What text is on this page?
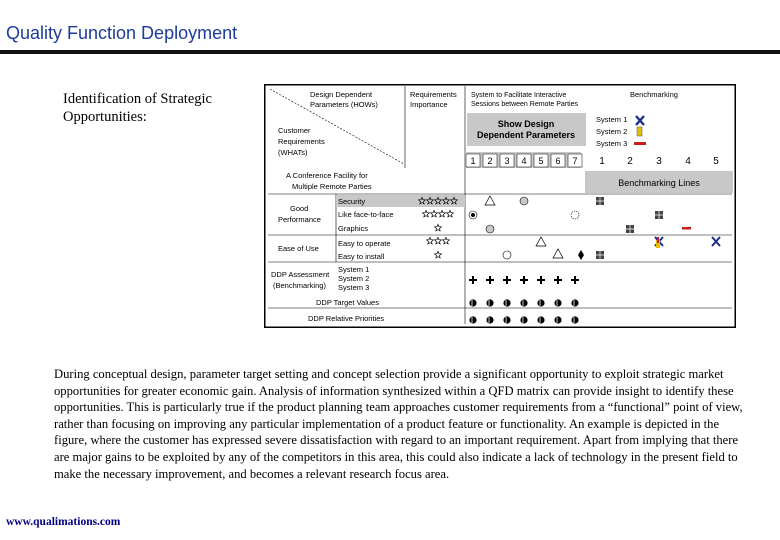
Quality Function Deployment
Identification of Strategic
Opportunities:
Design Dependent
Parameters (HOWs)
Requirements
Importance
System to Facilitate Interactive
Sessions between Remote Parties
Benchmarking
System 1
System 2
System 3
Show Design
Dependent Parameters
Customer
Requirements
(WHATs)
1 2 3 4 5 6 7 1 2 3 4 5
A Conference Facility for
Multiple Remote Parties	Benchmarking Lines
Good
Performance
Ease of Use
Security
Like face-to-face
Graphics
Easy to operate
Easy to install
DDP Assessment
(Benchmarking)
System 1
System 2
System 3
DDP Target Values
DDP Relative Priorities
During conceptual design, parameter target setting and concept selection provide a significant opportunity to exploit strategic market opportunities for greater economic gain. Analysis of information synthesized within a QFD matrix can provide insight to identify these opportunities. This is particularly true if the product planning team approaches customer requirements from a “functional” point of view, rather than focusing on improving any particular implementation of a product feature or functionality. An example is depicted in the figure, where the customer has expressed severe dissatisfaction with regard to an important requirement. Apart from implying that there are major gains to be exploited by any of the competitors in this area, this could also indicate a lack of technology in the present field to make the necessary improvement, and becomes a relevant research focus area.
www.qualimations.com
